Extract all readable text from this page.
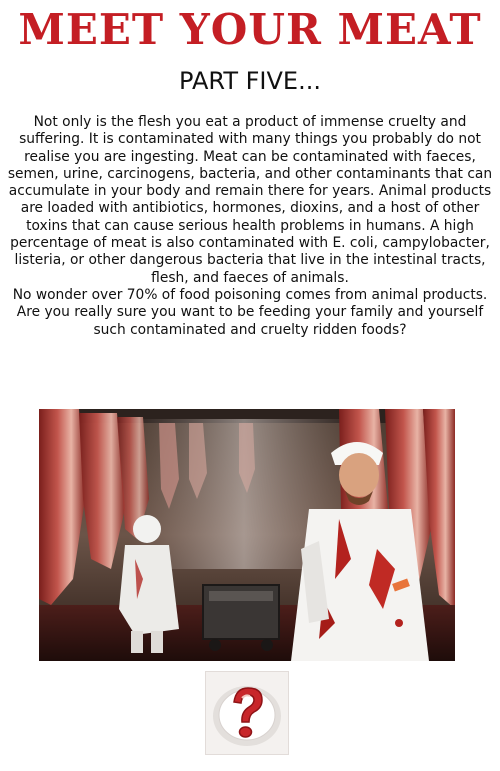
MEET YOUR MEAT
PART FIVE...

Not only is the flesh you eat a product of immense cruelty and suffering. It is contaminated with many things you probably do not realise you are ingesting. Meat can be contaminated with faeces, semen, urine, carcinogens, bacteria, and other contaminants that can accumulate in your body and remain there for years. Animal products are loaded with antibiotics, hormones, dioxins, and a host of other toxins that can cause serious health problems in humans. A high percentage of meat is also contaminated with E. coli, campylobacter, listeria, or other dangerous bacteria that live in the intestinal tracts, flesh, and faeces of animals.

No wonder over 70% of food poisoning comes from animal products.

Are you really sure you want to be feeding your family and yourself such contaminated and cruelty ridden foods?
